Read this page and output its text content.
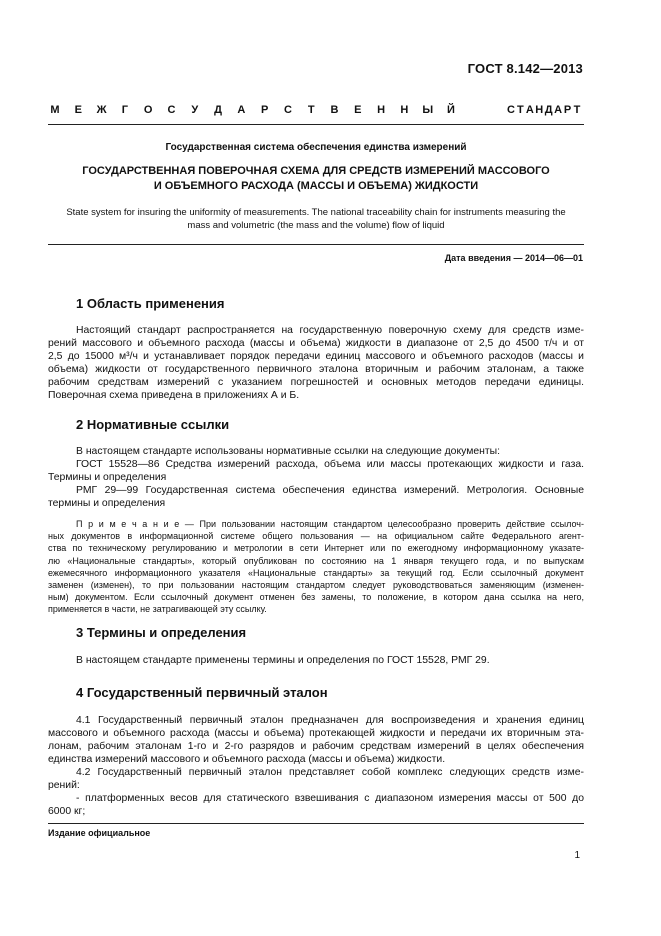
ГОСТ 8.142—2013
М	Е	Ж	Г	О С	У	Д А	Р	С	Т	В	Е	Н Н Ы Й	С Т А Н Д А Р Т
Государственная система обеспечения единства измерений
ГОСУДАРСТВЕННАЯ ПОВЕРОЧНАЯ СХЕМА ДЛЯ СРЕДСТВ ИЗМЕРЕНИЙ МАССОВОГО
И ОБЪЕМНОГО РАСХОДА (МАССЫ И ОБЪЕМА) ЖИДКОСТИ
State system for insuring the uniformity of measurements. The national traceability chain for instruments measuring the
mass and volumetric (the mass and the volume) flow of liquid
Дата введения — 2014—06—01
1 Область применения
Настоящий стандарт распространяется на государственную поверочную схему для средств изме-
рений массового и объемного расхода (массы и объема) жидкости в диапазоне от 2,5 до 4500 т/ч и от
2,5 до 15000 м³/ч и устанавливает порядок передачи единиц массового и объемного расходов (массы и
объема) жидкости от государственного первичного эталона вторичным и рабочим эталонам, а также
рабочим средствам измерений с указанием погрешностей и основных методов передачи единицы.
Поверочная схема приведена в приложениях А и Б.
2 Нормативные ссылки
В настоящем стандарте использованы нормативные ссылки на следующие документы:
ГОСТ 15528—86 Средства измерений расхода, объема или массы протекающих жидкости и газа.
Термины и определения
РМГ 29—99 Государственная система обеспечения единства измерений. Метрология. Основные
термины и определения
П р и м е ч а н и е — При пользовании настоящим стандартом целесообразно проверить действие ссылоч-
ных документов в информационной системе общего пользования — на официальном сайте Федерального агент-
ства по техническому регулированию и метрологии в сети Интернет или по ежегодному информационному указате-
лю «Национальные стандарты», который опубликован по состоянию на 1 января текущего года, и по выпускам
ежемесячного информационного указателя «Национальные стандарты» за текущий год. Если ссылочный документ
заменен (изменен), то при пользовании настоящим стандартом следует руководствоваться заменяющим (изменен-
ным) документом. Если ссылочный документ отменен без замены, то положение, в котором дана ссылка на него,
применяется в части, не затрагивающей эту ссылку.
3 Термины и определения
В настоящем стандарте применены термины и определения по ГОСТ 15528, РМГ 29.
4 Государственный первичный эталон
4.1 Государственный первичный эталон предназначен для воспроизведения и хранения единиц
массового и объемного расхода (массы и объема) протекающей жидкости и передачи их вторичным эта-
лонам, рабочим эталонам 1-го и 2-го разрядов и рабочим средствам измерений в целях обеспечения
единства измерений массового и объемного расхода (массы и объема) жидкости.
4.2 Государственный первичный эталон представляет собой комплекс следующих средств изме-
рений:
- платформенных весов для статического взвешивания с диапазоном измерения массы от 500 до
6000 кг;
Издание официальное
1
